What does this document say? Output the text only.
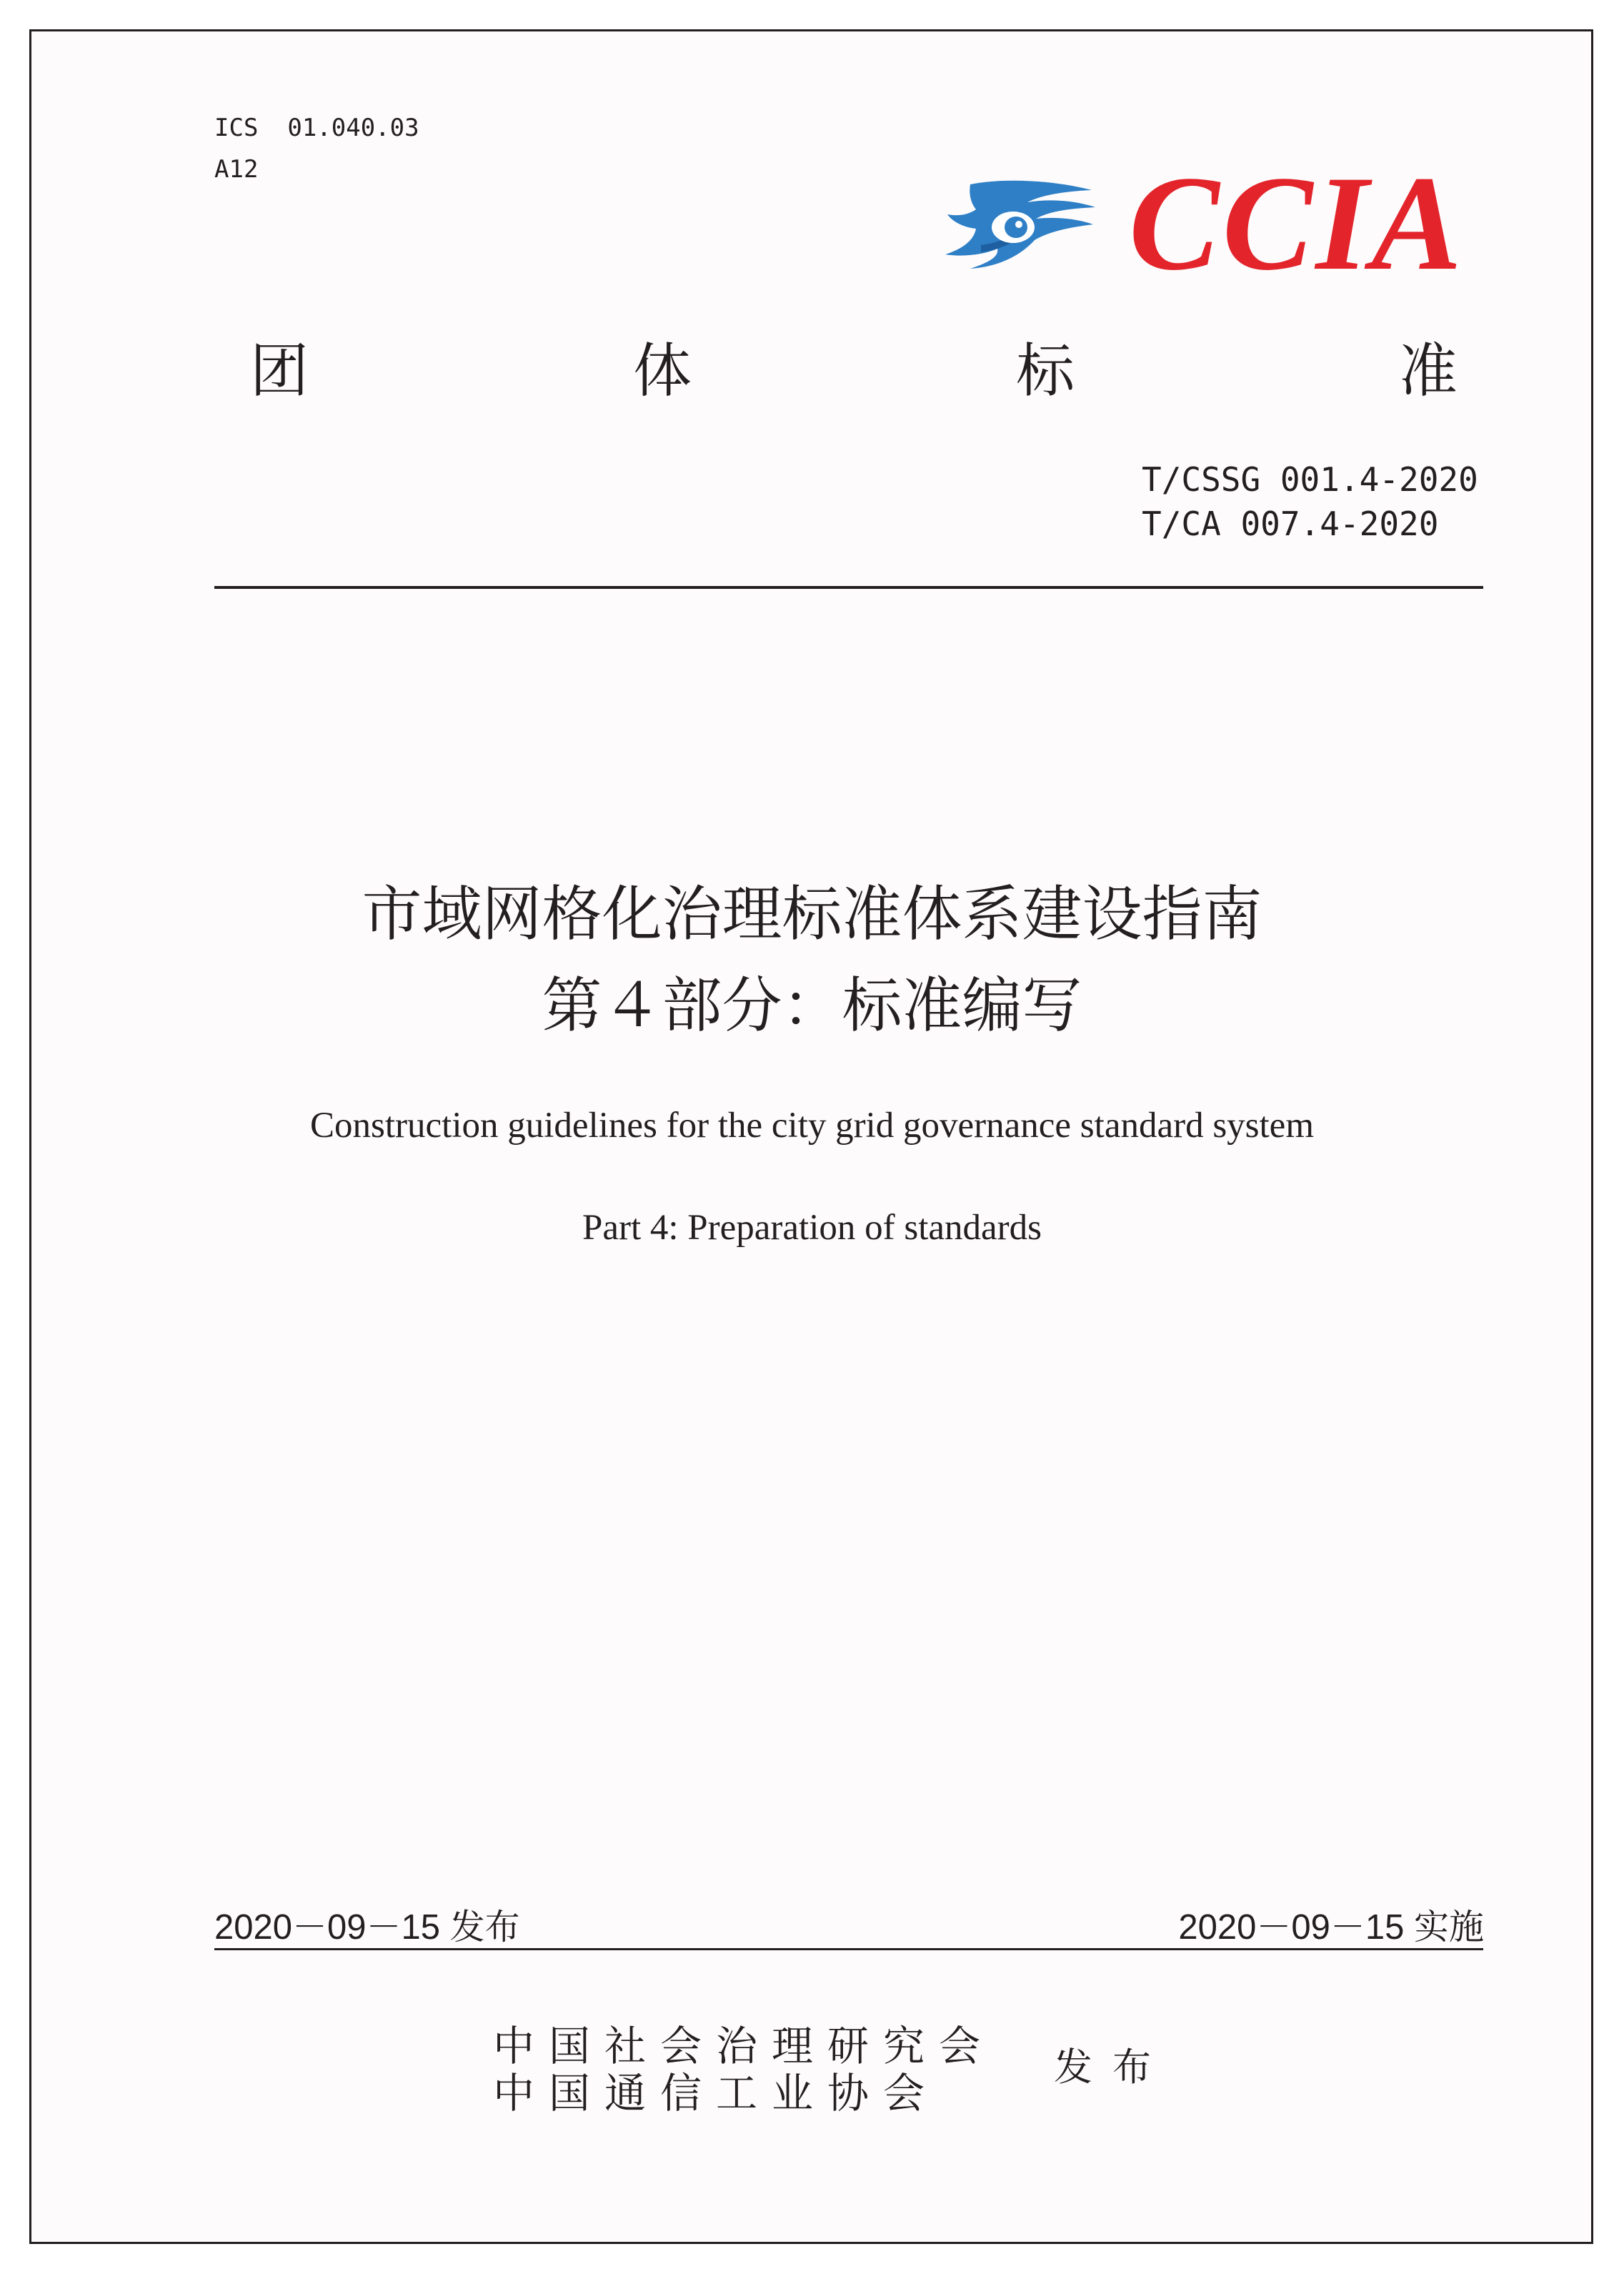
ICS  01.040.03
A12	CCIA
团	体	标	准
T/CSSG 001.4-2020
T/CA 007.4-2020
市域网格化治理标准体系建设指南
第４部分：标准编写
Construction guidelines for the city grid governance standard system
Part 4: Preparation of standards
2020－09－15 发布	2020－09－15 实施
中国社会治理研究会
中国通信工业协会
发布
